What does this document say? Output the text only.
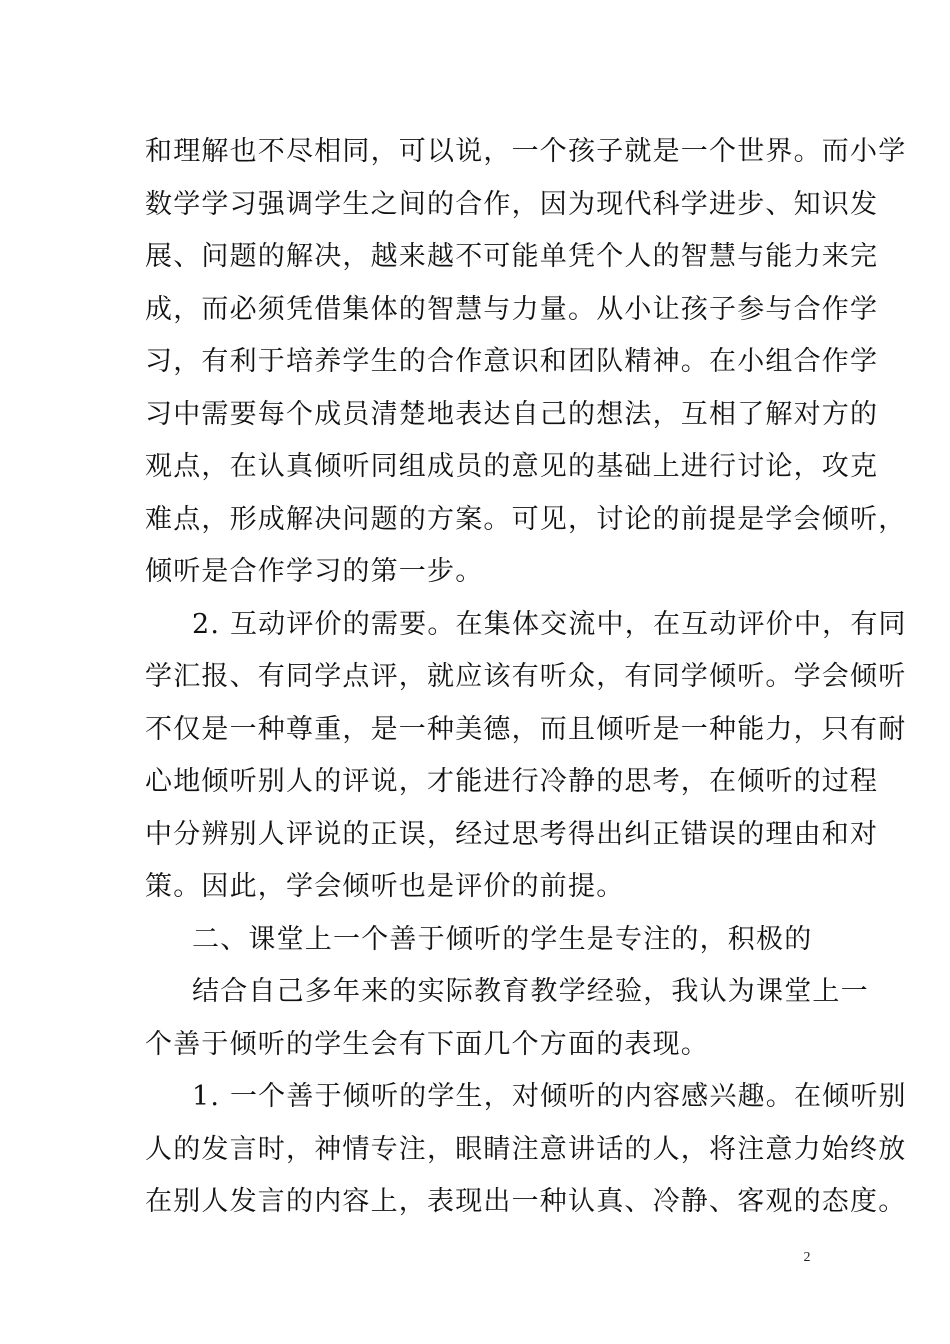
和理解也不尽相同，可以说，一个孩子就是一个世界。而小学
数学学习强调学生之间的合作，因为现代科学进步、知识发
展、问题的解决，越来越不可能单凭个人的智慧与能力来完
成，而必须凭借集体的智慧与力量。从小让孩子参与合作学
习，有利于培养学生的合作意识和团队精神。在小组合作学
习中需要每个成员清楚地表达自己的想法，互相了解对方的
观点，在认真倾听同组成员的意见的基础上进行讨论，攻克
难点，形成解决问题的方案。可见，讨论的前提是学会倾听，
倾听是合作学习的第一步。
2. 互动评价的需要。在集体交流中，在互动评价中，有同
学汇报、有同学点评，就应该有听众，有同学倾听。学会倾听
不仅是一种尊重，是一种美德，而且倾听是一种能力，只有耐
心地倾听别人的评说，才能进行冷静的思考，在倾听的过程
中分辨别人评说的正误，经过思考得出纠正错误的理由和对
策。因此，学会倾听也是评价的前提。
二、课堂上一个善于倾听的学生是专注的，积极的
结合自己多年来的实际教育教学经验，我认为课堂上一
个善于倾听的学生会有下面几个方面的表现。
1. 一个善于倾听的学生，对倾听的内容感兴趣。在倾听别
人的发言时，神情专注，眼睛注意讲话的人，将注意力始终放
在别人发言的内容上，表现出一种认真、冷静、客观的态度。
2
